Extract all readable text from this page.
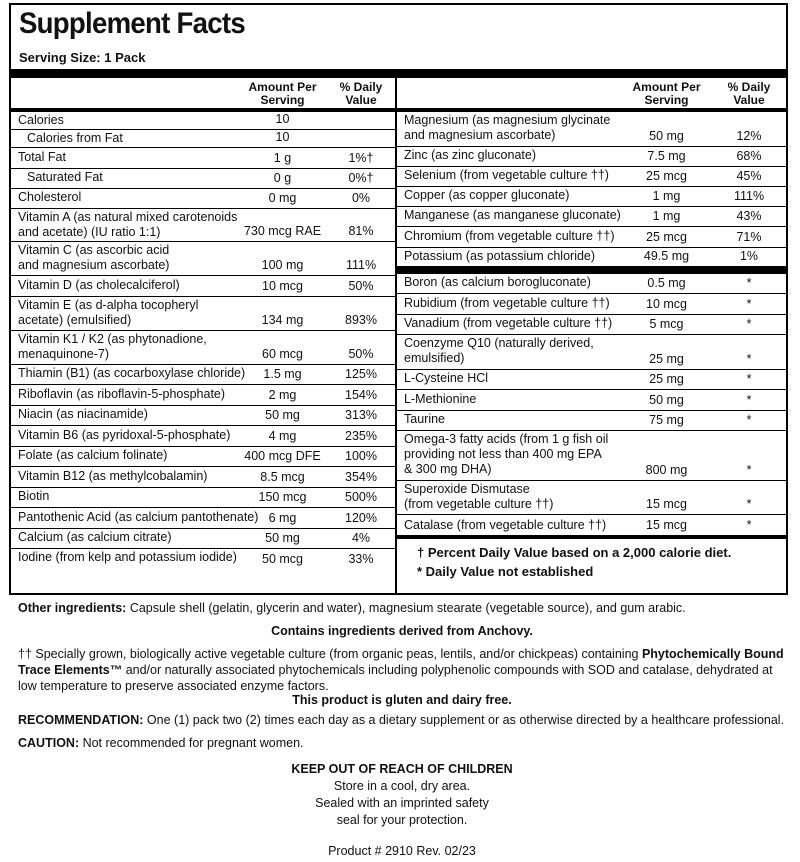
Supplement Facts
Serving Size: 1 Pack
Amount Per
Serving
% Daily
Value
Calories	10
Calories from Fat	10
Total Fat	1 g	1%†
Saturated Fat	0 g	0%†
Cholesterol	0 mg	0%
Vitamin A (as natural mixed carotenoids
and acetate) (IU ratio 1:1)	730 mcg RAE	81%
Vitamin C (as ascorbic acid
and magnesium ascorbate)	100 mg	111%
Vitamin D (as cholecalciferol)	10 mcg	50%
Vitamin E (as d-alpha tocopheryl
acetate) (emulsified)	134 mg	893%
Vitamin K1 / K2 (as phytonadione,
menaquinone-7)	60 mcg	50%
Thiamin (B1) (as cocarboxylase chloride)	1.5 mg	125%
Riboflavin (as riboflavin-5-phosphate)	2 mg	154%
Niacin (as niacinamide)	50 mg	313%
Vitamin B6 (as pyridoxal-5-phosphate)	4 mg	235%
Folate (as calcium folinate)	400 mcg DFE	100%
Vitamin B12 (as methylcobalamin)	8.5 mcg	354%
Biotin	150 mcg	500%
Pantothenic Acid (as calcium pantothenate) 6 mg	120%
Calcium (as calcium citrate)	50 mg	4%
Iodine (from kelp and potassium iodide)	50 mcg	33%
Amount Per
Serving
% Daily
Value
Magnesium (as magnesium glycinate
and magnesium ascorbate)	50 mg	12%
Zinc (as zinc gluconate)	7.5 mg	68%
Selenium (from vegetable culture ††)	25 mcg	45%
Copper (as copper gluconate)	1 mg	111%
Manganese (as manganese gluconate)	1 mg	43%
Chromium (from vegetable culture ††)	25 mcg	71%
Potassium (as potassium chloride)	49.5 mg	1%
Boron (as calcium borogluconate)	0.5 mg	*
Rubidium (from vegetable culture ††)	10 mcg	*
Vanadium (from vegetable culture ††)	5 mcg	*
Coenzyme Q10 (naturally derived,
emulsified)	25 mg	*
L-Cysteine HCl	25 mg	*
L-Methionine	50 mg	*
Taurine	75 mg	*
Omega-3 fatty acids (from 1 g fish oil
providing not less than 400 mg EPA
& 300 mg DHA)	800 mg	*
Superoxide Dismutase
(from vegetable culture ††)	15 mcg	*
Catalase (from vegetable culture ††)	15 mcg	*
† Percent Daily Value based on a 2,000 calorie diet.
* Daily Value not established
Other ingredients: Capsule shell (gelatin, glycerin and water), magnesium stearate (vegetable source), and gum arabic.
Contains ingredients derived from Anchovy.
†† Specially grown, biologically active vegetable culture (from organic peas, lentils, and/or chickpeas) containing Phytochemically Bound Trace Elements™ and/or naturally associated phytochemicals including polyphenolic compounds with SOD and catalase, dehydrated at low temperature to preserve associated enzyme factors.
This product is gluten and dairy free.
RECOMMENDATION: One (1) pack two (2) times each day as a dietary supplement or as otherwise directed by a healthcare professional.
CAUTION: Not recommended for pregnant women.
KEEP OUT OF REACH OF CHILDREN
Store in a cool, dry area.
Sealed with an imprinted safety
seal for your protection.
Product # 2910 Rev. 02/23
